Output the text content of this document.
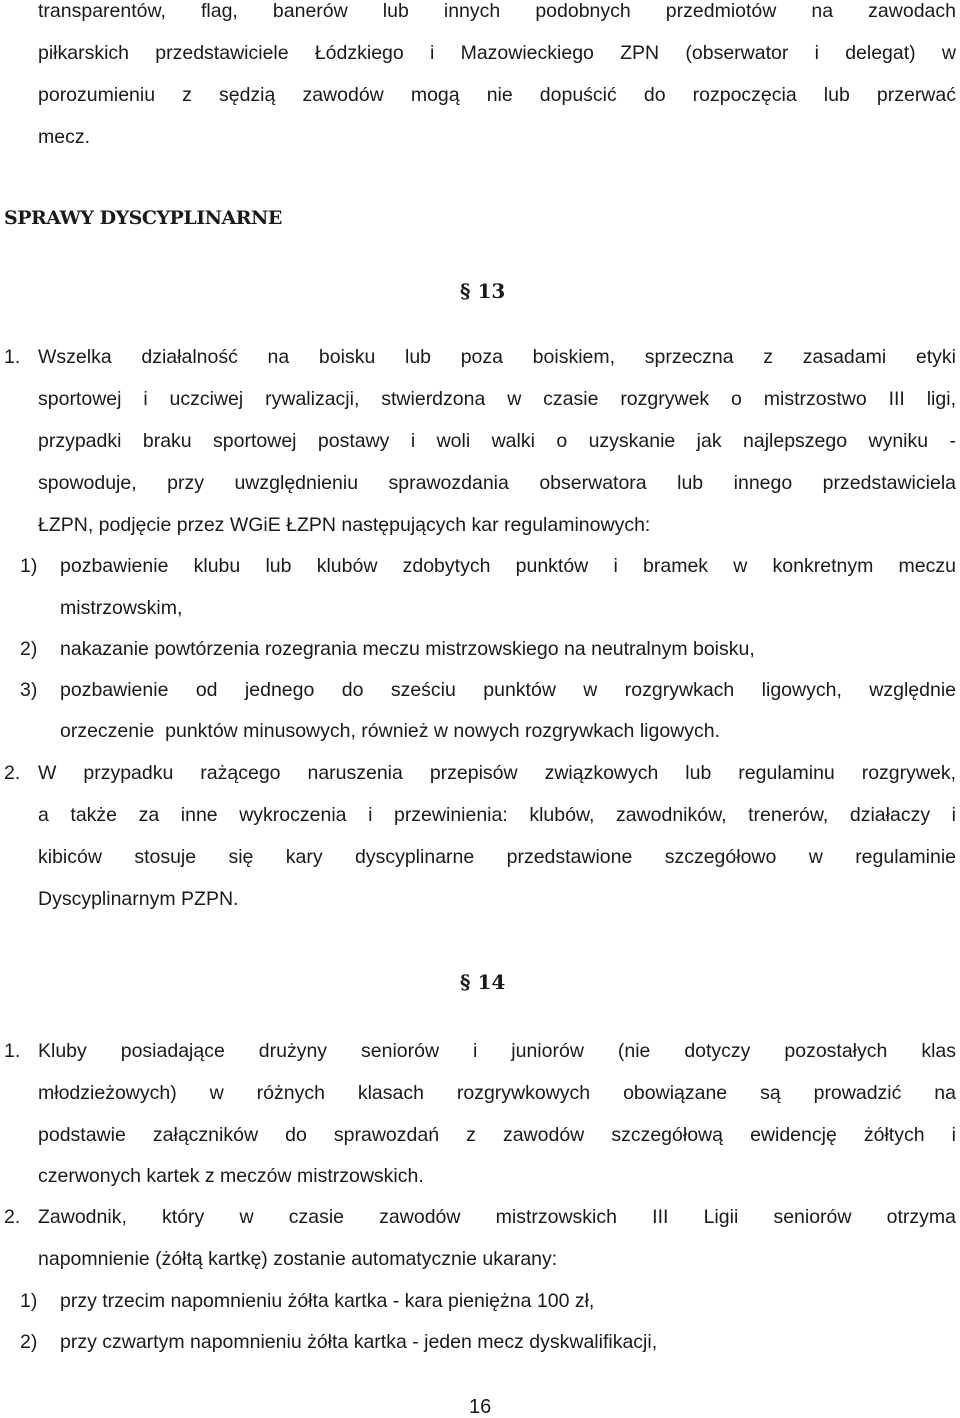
transparentów, flag, banerów lub innych podobnych przedmiotów na zawodach
piłkarskich przedstawiciele Łódzkiego i Mazowieckiego ZPN (obserwator i delegat) w
porozumieniu z sędzią zawodów mogą nie dopuścić do rozpoczęcia lub przerwać
mecz.
SPRAWY DYSCYPLINARNE
§ 13
1. Wszelka działalność na boisku lub poza boiskiem, sprzeczna z zasadami etyki
sportowej i uczciwej rywalizacji, stwierdzona w czasie rozgrywek o mistrzostwo III ligi,
przypadki braku sportowej postawy i woli walki o uzyskanie jak najlepszego wyniku -
spowoduje, przy uwzględnieniu sprawozdania obserwatora lub innego przedstawiciela
ŁZPN, podjęcie przez WGiE ŁZPN następujących kar regulaminowych:
1) pozbawienie klubu lub klubów zdobytych punktów i bramek w konkretnym meczu
mistrzowskim,
2) nakazanie powtórzenia rozegrania meczu mistrzowskiego na neutralnym boisku,
3) pozbawienie od jednego do sześciu punktów w rozgrywkach ligowych, względnie
orzeczenie  punktów minusowych, również w nowych rozgrywkach ligowych.
2. W przypadku rażącego naruszenia przepisów związkowych lub regulaminu rozgrywek,
a także za inne wykroczenia i przewinienia: klubów, zawodników, trenerów, działaczy i
kibiców stosuje się kary dyscyplinarne przedstawione szczegółowo w regulaminie
Dyscyplinarnym PZPN.
§ 14
1. Kluby posiadające drużyny seniorów i juniorów (nie dotyczy pozostałych klas
młodzieżowych) w różnych klasach rozgrywkowych obowiązane są prowadzić na
podstawie załączników do sprawozdań z zawodów szczegółową ewidencję żółtych i
czerwonych kartek z meczów mistrzowskich.
2. Zawodnik, który w czasie zawodów mistrzowskich III Ligii seniorów otrzyma
napomnienie (żółtą kartkę) zostanie automatycznie ukarany:
1) przy trzecim napomnieniu żółta kartka - kara pieniężna 100 zł,
2) przy czwartym napomnieniu żółta kartka - jeden mecz dyskwalifikacji,
16
